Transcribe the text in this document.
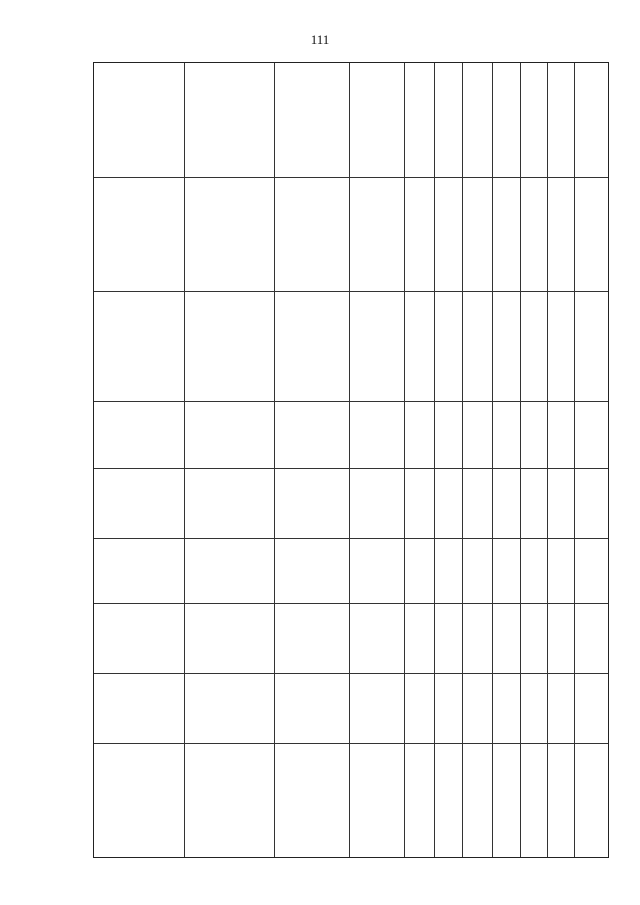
111
